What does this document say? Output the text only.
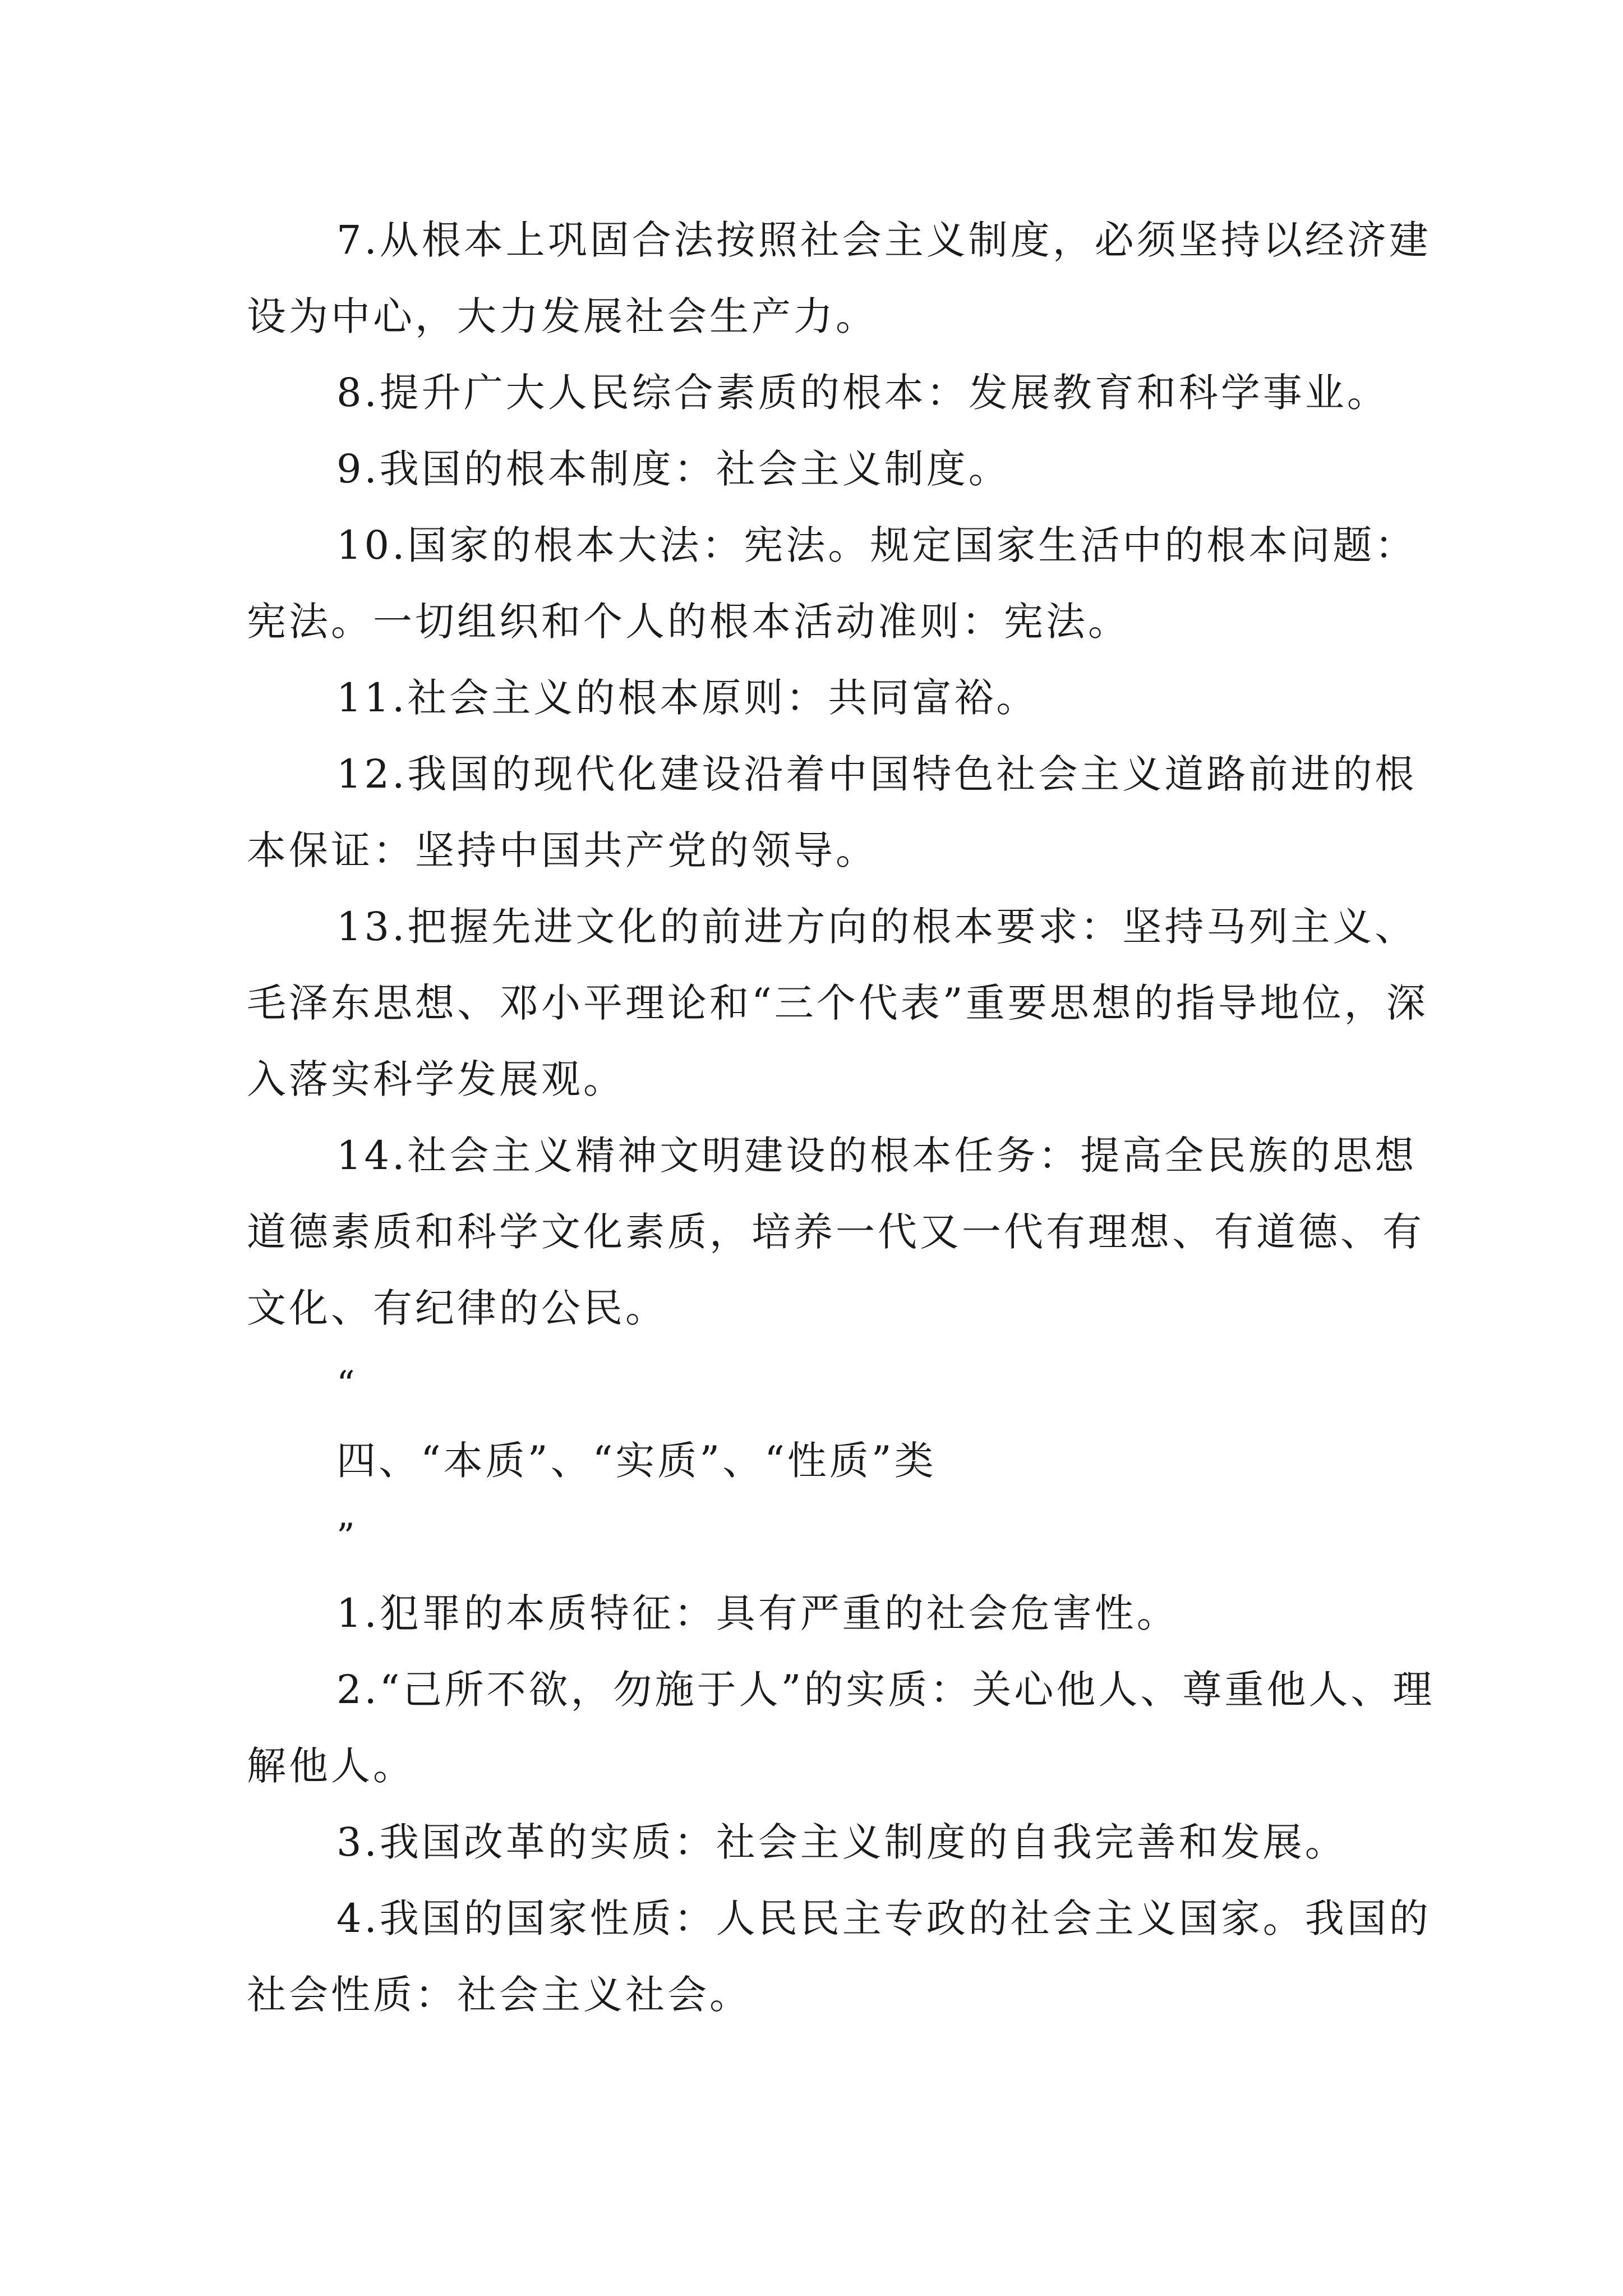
7.从根本上巩固合法按照社会主义制度，必须坚持以经济建设为中心，大力发展社会生产力。

8.提升广大人民综合素质的根本：发展教育和科学事业。

9.我国的根本制度：社会主义制度。

10.国家的根本大法：宪法。规定国家生活中的根本问题：宪法。一切组织和个人的根本活动准则：宪法。

11.社会主义的根本原则：共同富裕。

12.我国的现代化建设沿着中国特色社会主义道路前进的根本保证：坚持中国共产党的领导。

13.把握先进文化的前进方向的根本要求：坚持马列主义、毛泽东思想、邓小平理论和“三个代表”重要思想的指导地位，深入落实科学发展观。

14.社会主义精神文明建设的根本任务：提高全民族的思想道德素质和科学文化素质，培养一代又一代有理想、有道德、有文化、有纪律的公民。

“
四、“本质”、“实质”、“性质”类
”

1.犯罪的本质特征：具有严重的社会危害性。

2.“己所不欲，勿施于人”的实质：关心他人、尊重他人、理解他人。

3.我国改革的实质：社会主义制度的自我完善和发展。

4.我国的国家性质：人民民主专政的社会主义国家。我国的社会性质：社会主义社会。
